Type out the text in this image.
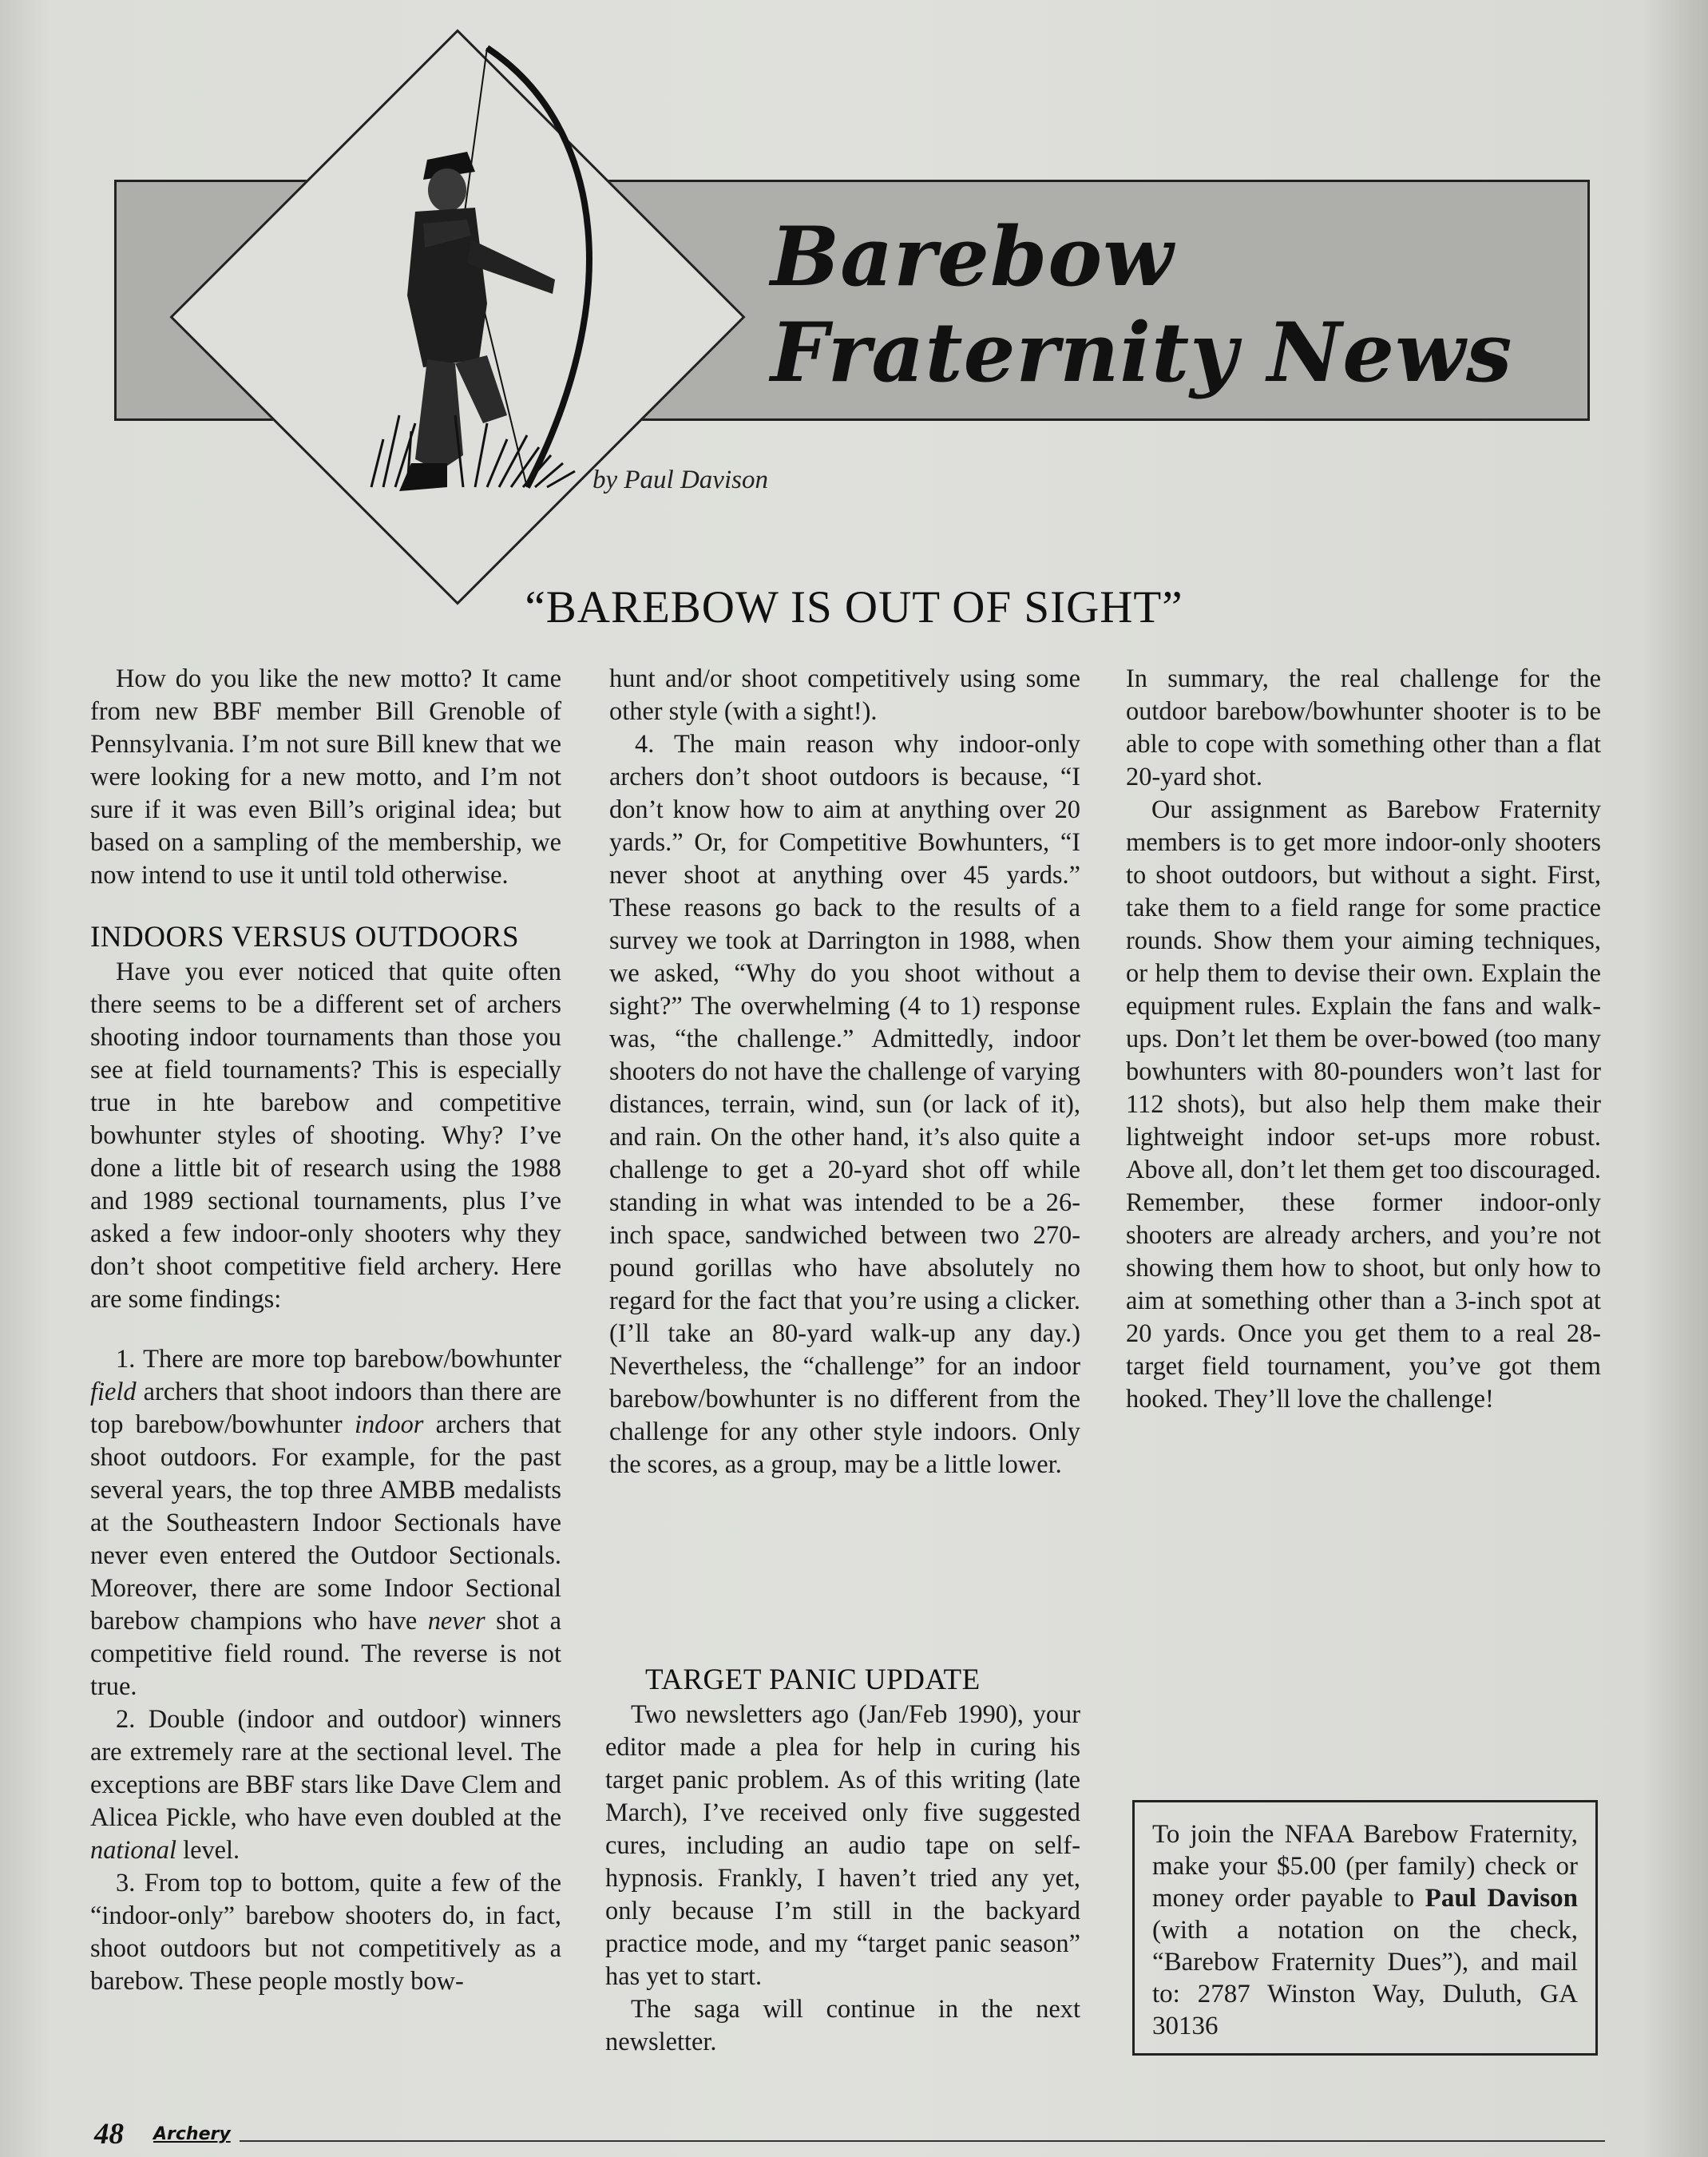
Barebow
Fraternity News
by Paul Davison
“BAREBOW IS OUT OF SIGHT”

How do you like the new motto? It came from new BBF member Bill Grenoble of Pennsylvania. I’m not sure Bill knew that we were looking for a new motto, and I’m not sure if it was even Bill’s original idea; but based on a sampling of the membership, we now intend to use it until told otherwise.

INDOORS VERSUS OUTDOORS

Have you ever noticed that quite often there seems to be a different set of archers shooting indoor tournaments than those you see at field tournaments? This is especially true in hte barebow and competitive bowhunter styles of shooting. Why? I’ve done a little bit of research using the 1988 and 1989 sectional tournaments, plus I’ve asked a few indoor-only shooters why they don’t shoot competitive field archery. Here are some findings:

1. There are more top barebow/bowhunter field archers that shoot indoors than there are top barebow/bowhunter indoor archers that shoot outdoors. For example, for the past several years, the top three AMBB medalists at the Southeastern Indoor Sectionals have never even entered the Outdoor Sectionals. Moreover, there are some Indoor Sectional barebow champions who have never shot a competitive field round. The reverse is not true.

2. Double (indoor and outdoor) winners are extremely rare at the sectional level. The exceptions are BBF stars like Dave Clem and Alicea Pickle, who have even doubled at the national level.

3. From top to bottom, quite a few of the “indoor-only” barebow shooters do, in fact, shoot outdoors but not competitively as a barebow. These people mostly bow-

hunt and/or shoot competitively using some other style (with a sight!).

4. The main reason why indoor-only archers don’t shoot outdoors is because, “I don’t know how to aim at anything over 20 yards.” Or, for Competitive Bowhunters, “I never shoot at anything over 45 yards.” These reasons go back to the results of a survey we took at Darrington in 1988, when we asked, “Why do you shoot without a sight?” The overwhelming (4 to 1) response was, “the challenge.” Admittedly, indoor shooters do not have the challenge of varying distances, terrain, wind, sun (or lack of it), and rain. On the other hand, it’s also quite a challenge to get a 20-yard shot off while standing in what was intended to be a 26-inch space, sandwiched between two 270-pound gorillas who have absolutely no regard for the fact that you’re using a clicker. (I’ll take an 80-yard walk-up any day.) Nevertheless, the “challenge” for an indoor barebow/bowhunter is no different from the challenge for any other style indoors. Only the scores, as a group, may be a little lower.

TARGET PANIC UPDATE

Two newsletters ago (Jan/Feb 1990), your editor made a plea for help in curing his target panic problem. As of this writing (late March), I’ve received only five suggested cures, including an audio tape on self-hypnosis. Frankly, I haven’t tried any yet, only because I’m still in the backyard practice mode, and my “target panic season” has yet to start.

The saga will continue in the next newsletter.

In summary, the real challenge for the outdoor barebow/bowhunter shooter is to be able to cope with something other than a flat 20-yard shot.

Our assignment as Barebow Fraternity members is to get more indoor-only shooters to shoot outdoors, but without a sight. First, take them to a field range for some practice rounds. Show them your aiming techniques, or help them to devise their own. Explain the equipment rules. Explain the fans and walk-ups. Don’t let them be over-bowed (too many bowhunters with 80-pounders won’t last for 112 shots), but also help them make their lightweight indoor set-ups more robust. Above all, don’t let them get too discouraged. Remember, these former indoor-only shooters are already archers, and you’re not showing them how to shoot, but only how to aim at something other than a 3-inch spot at 20 yards. Once you get them to a real 28-target field tournament, you’ve got them hooked. They’ll love the challenge!

To join the NFAA Barebow Fraternity, make your $5.00 (per family) check or money order payable to Paul Davison (with a notation on the check, “Barebow Fraternity Dues”), and mail to: 2787 Winston Way, Duluth, GA 30136
48 Archery
